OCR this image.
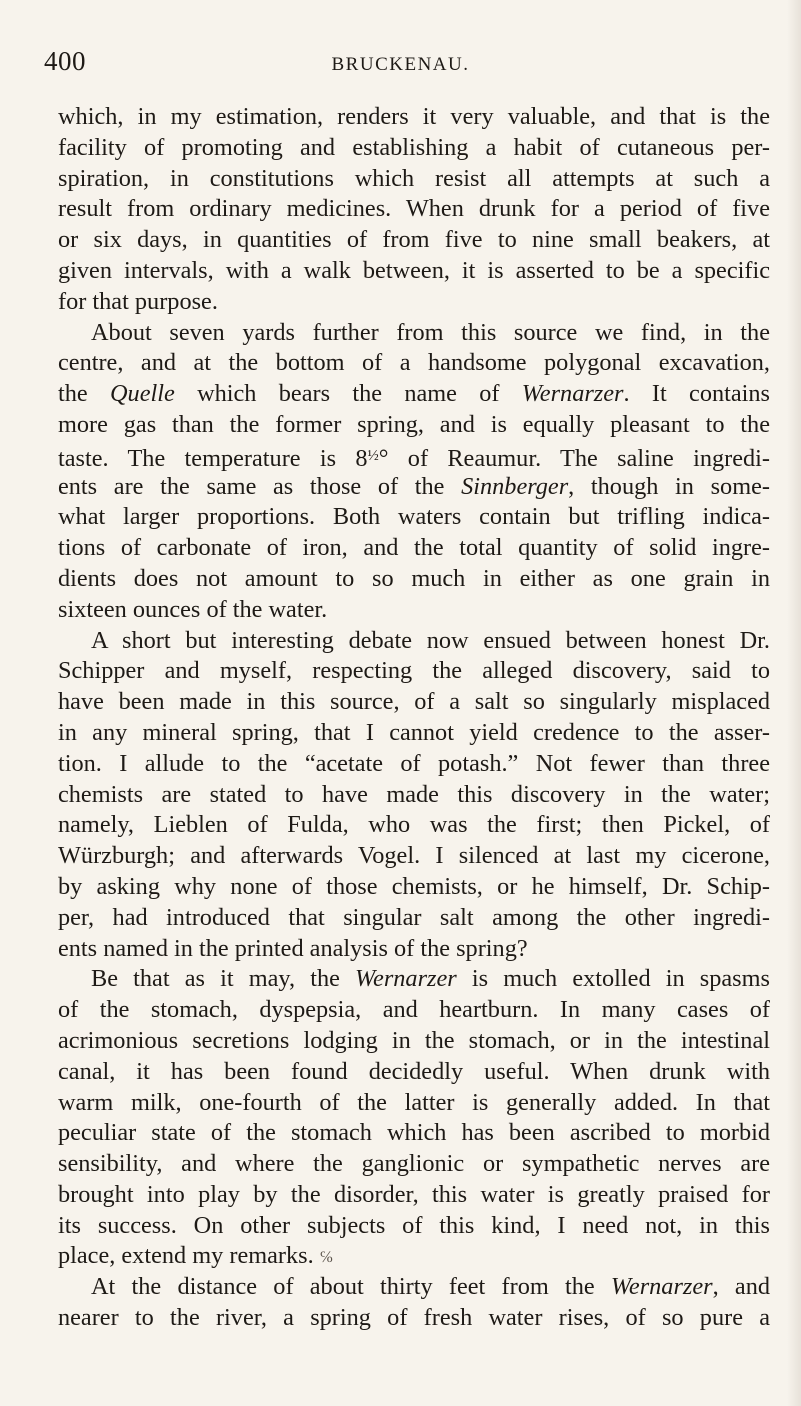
400	BRUCKENAU.
which, in my estimation, renders it very valuable, and that is the
facility of promoting and establishing a habit of cutaneous per-
spiration, in constitutions which resist all attempts at such a
result from ordinary medicines. When drunk for a period of five
or six days, in quantities of from five to nine small beakers, at
given intervals, with a walk between, it is asserted to be a specific
for that purpose.
About seven yards further from this source we find, in the
centre, and at the bottom of a handsome polygonal excavation,
the Quelle which bears the name of Wernarzer. It contains
more gas than the former spring, and is equally pleasant to the
taste. The temperature is $8^{\frac{1}{2}}^\circ$ of Reaumur. The saline ingredi-
ents are the same as those of the Sinnberger, though in some-
what larger proportions. Both waters contain but trifling indica-
tions of carbonate of iron, and the total quantity of solid ingre-
dients does not amount to so much in either as one grain in
sixteen ounces of the water.
A short but interesting debate now ensued between honest Dr.
Schipper and myself, respecting the alleged discovery, said to
have been made in this source, of a salt so singularly misplaced
in any mineral spring, that I cannot yield credence to the asser-
tion. I allude to the “acetate of potash.” Not fewer than three
chemists are stated to have made this discovery in the water;
namely, Lieblen of Fulda, who was the first; then Pickel, of
Würzburgh; and afterwards Vogel. I silenced at last my cicerone,
by asking why none of those chemists, or he himself, Dr. Schip-
per, had introduced that singular salt among the other ingredi-
ents named in the printed analysis of the spring?
Be that as it may, the Wernarzer is much extolled in spasms
of the stomach, dyspepsia, and heartburn. In many cases of
acrimonious secretions lodging in the stomach, or in the intestinal
canal, it has been found decidedly useful. When drunk with
warm milk, one-fourth of the latter is generally added. In that
peculiar state of the stomach which has been ascribed to morbid
sensibility, and where the ganglionic or sympathetic nerves are
brought into play by the disorder, this water is greatly praised for
its success. On other subjects of this kind, I need not, in this
place, extend my remarks. ℅
At the distance of about thirty feet from the Wernarzer, and
nearer to the river, a spring of fresh water rises, of so pure a
